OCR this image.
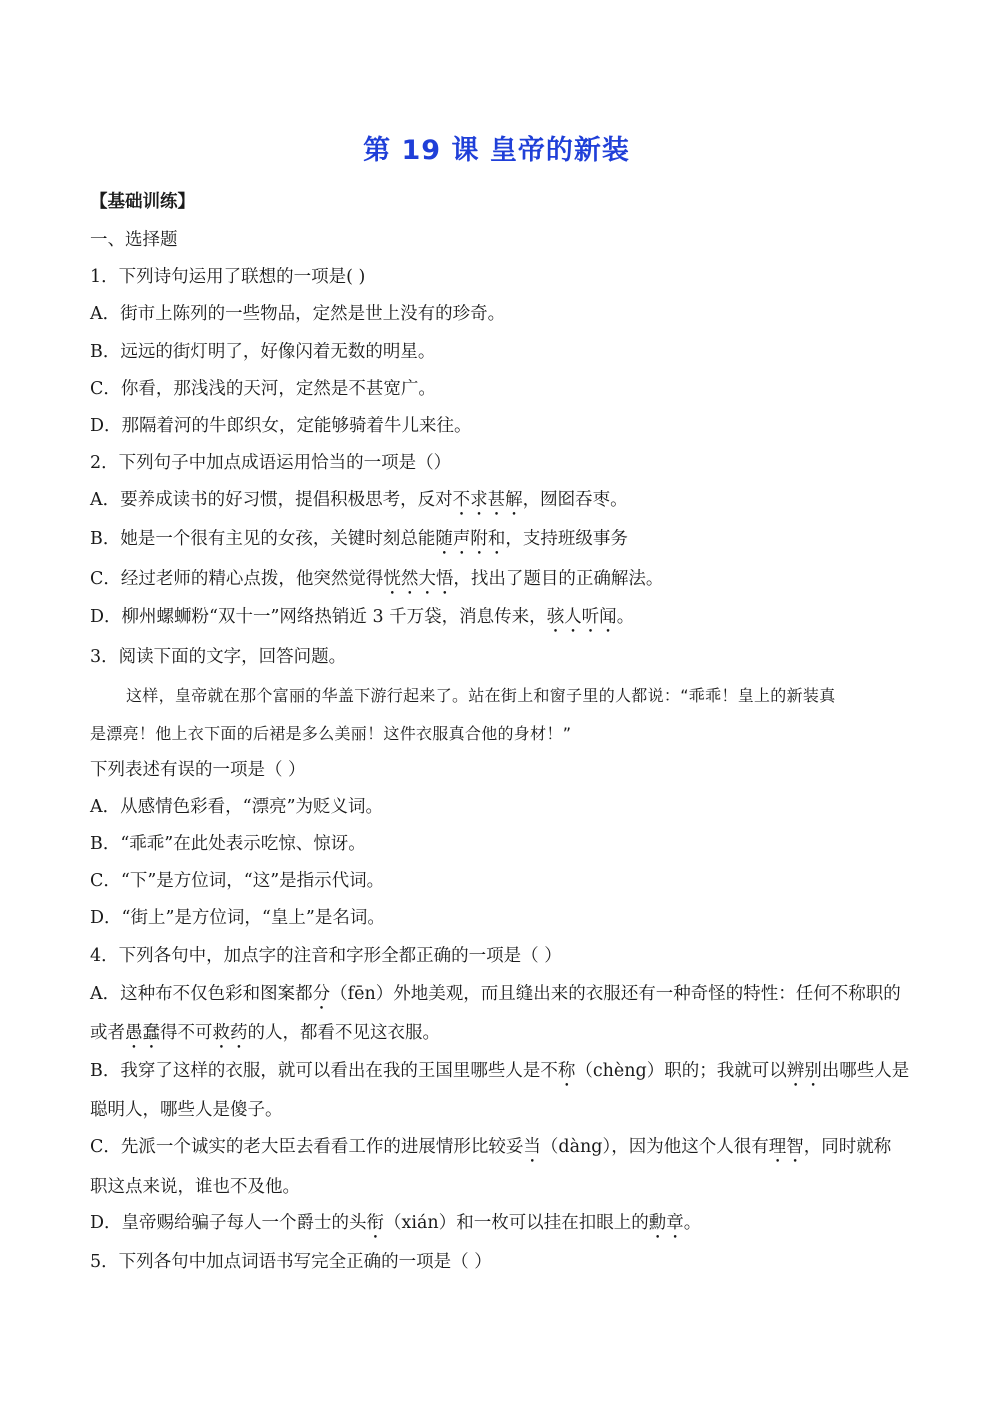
第 19 课 皇帝的新装
【基础训练】
一、选择题
1．下列诗句运用了联想的一项是( )
A．街市上陈列的一些物品，定然是世上没有的珍奇。
B．远远的街灯明了，好像闪着无数的明星。
C．你看，那浅浅的天河，定然是不甚宽广。
D．那隔着河的牛郎织女，定能够骑着牛儿来往。
2．下列句子中加点成语运用恰当的一项是（）
A．要养成读书的好习惯，提倡积极思考，反对不求甚解，囫囵吞枣。
B．她是一个很有主见的女孩，关键时刻总能随声附和，支持班级事务
C．经过老师的精心点拨，他突然觉得恍然大悟，找出了题目的正确解法。
D．柳州螺蛳粉“双十一”网络热销近 3 千万袋，消息传来，骇人听闻。
3．阅读下面的文字，回答问题。
这样，皇帝就在那个富丽的华盖下游行起来了。站在街上和窗子里的人都说：“乖乖！皇上的新装真
是漂亮！他上衣下面的后裙是多么美丽！这件衣服真合他的身材！”
下列表述有误的一项是（ ）
A．从感情色彩看，“漂亮”为贬义词。
B．“乖乖”在此处表示吃惊、惊讶。
C．“下”是方位词，“这”是指示代词。
D．“街上”是方位词，“皇上”是名词。
4．下列各句中，加点字的注音和字形全都正确的一项是（ ）
A．这种布不仅色彩和图案都分（fēn）外地美观，而且缝出来的衣服还有一种奇怪的特性：任何不称职的
或者愚蠢得不可救药的人，都看不见这衣服。
B．我穿了这样的衣服，就可以看出在我的王国里哪些人是不称（chèng）职的；我就可以辨别出哪些人是
聪明人，哪些人是傻子。
C．先派一个诚实的老大臣去看看工作的进展情形比较妥当（dàng），因为他这个人很有理智，同时就称
职这点来说，谁也不及他。
D．皇帝赐给骗子每人一个爵士的头衔（xián）和一枚可以挂在扣眼上的勳章。
5．下列各句中加点词语书写完全正确的一项是（ ）
